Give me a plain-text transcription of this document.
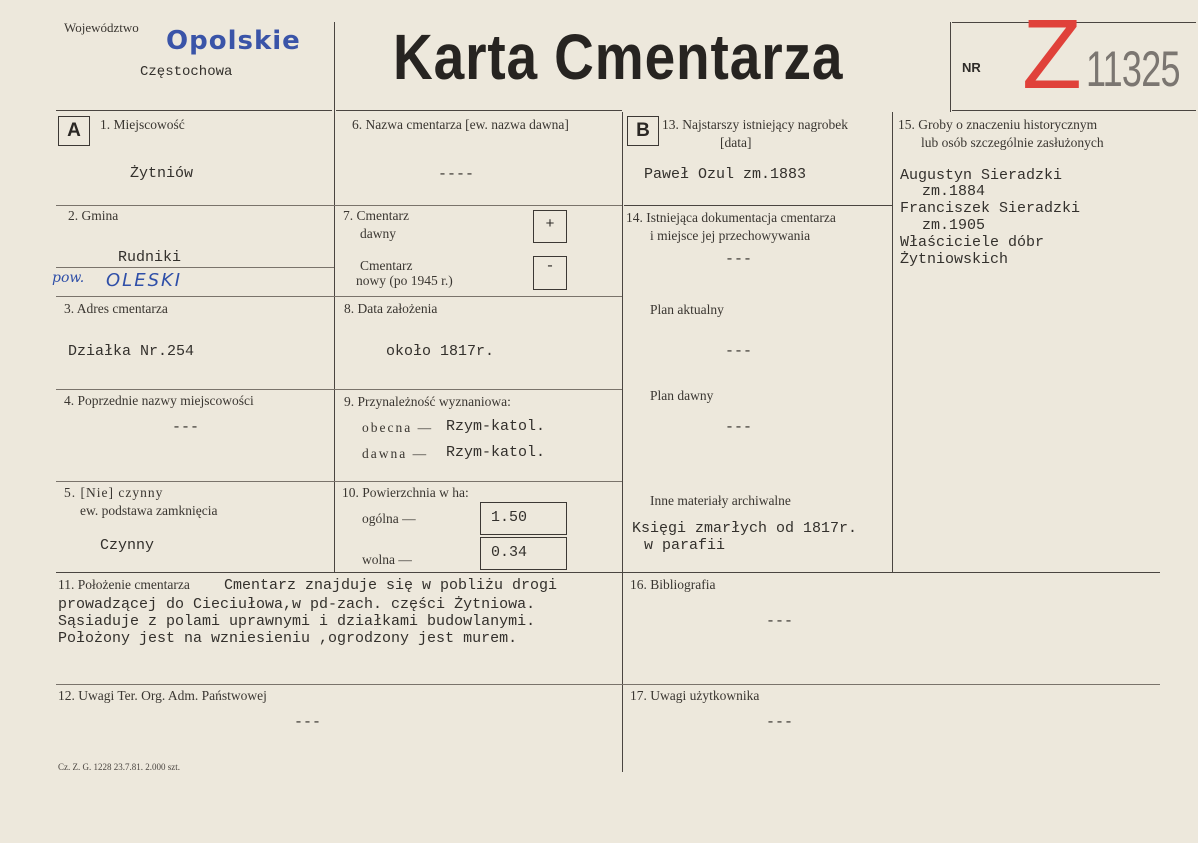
Województwo Opolskie
Częstochowa	Karta Cmentarza	NR Z 11325
A	B
1. Miejscowość
Żytniów
2. Gmina
Rudniki
pow. OLESKI
3. Adres cmentarza
Działka Nr.254
4. Poprzednie nazwy miejscowości
---
5. [Nie] czynny
ew. podstawa zamknięcia
Czynny
6. Nazwa cmentarza [ew. nazwa dawna]
----
7. Cmentarz
dawny
Cmentarz
nowy (po 1945 r.)
+
-
8. Data założenia
około 1817r.
9. Przynależność wyznaniowa:
obecna — Rzym-katol.
dawna — Rzym-katol.
10. Powierzchnia w ha:
ogólna —	1.50
wolna —	0.34
11. Położenie cmentarza Cmentarz znajduje się w pobliżu drogi
prowadzącej do Cieciułowa,w pd-zach. części Żytniowa.
Sąsiaduje z polami uprawnymi i działkami budowlanymi.
Położony jest na wzniesieniu ,ogrodzony jest murem.
12. Uwagi Ter. Org. Adm. Państwowej
---
13. Najstarszy istniejący nagrobek
[data]
Paweł Ozul zm.1883
14. Istniejąca dokumentacja cmentarza
i miejsce jej przechowywania
---
Plan aktualny
---
Plan dawny
---
Inne materiały archiwalne
Księgi zmarłych od 1817r.
w parafii
15. Groby o znaczeniu historycznym
lub osób szczególnie zasłużonych
Augustyn Sieradzki
zm.1884
Franciszek Sieradzki
zm.1905
Właściciele dóbr
Żytniowskich
16. Bibliografia
---
17. Uwagi użytkownika
---
Cz. Z. G. 1228 23.7.81. 2.000 szt.
